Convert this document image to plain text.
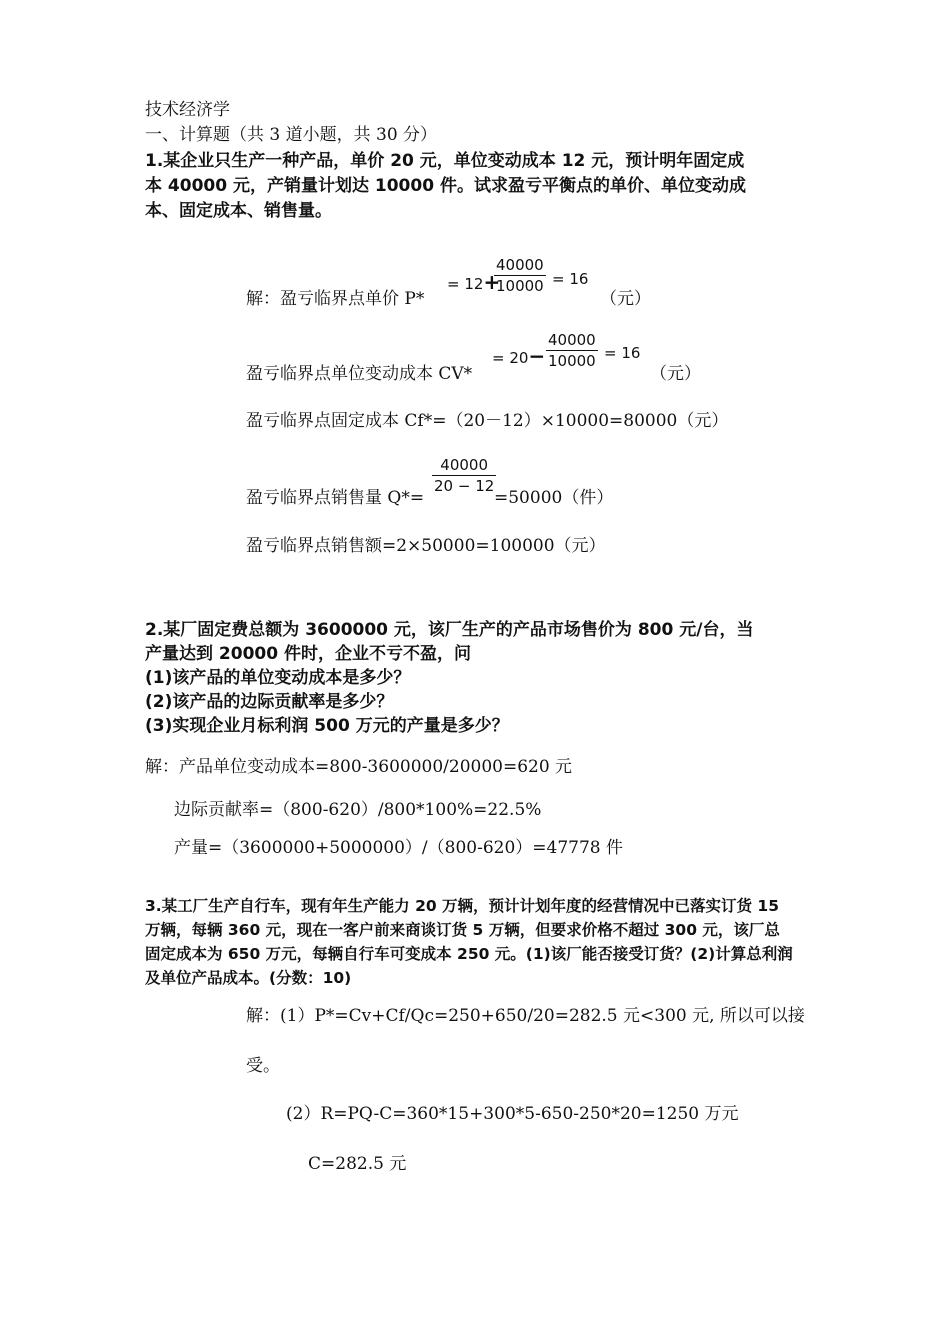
技术经济学
一、计算题（共 3 道小题，共 30 分）
1.某企业只生产一种产品，单价 20 元，单位变动成本 12 元，预计明年固定成
本 40000 元，产销量计划达 10000 件。试求盈亏平衡点的单价、单位变动成
本、固定成本、销售量。
解：盈亏临界点单价 P*
= 12+
40000
10000 = 16
（元）
盈亏临界点单位变动成本 CV*
= 20−
40000
10000 = 16
（元）
盈亏临界点固定成本 Cf*=（20－12）×10000=80000（元）
盈亏临界点销售量 Q*=
40000
20 − 12
=50000（件）
盈亏临界点销售额=2×50000=100000（元）
2.某厂固定费总额为 3600000 元，该厂生产的产品市场售价为 800 元/台，当
产量达到 20000 件时，企业不亏不盈，问
(1)该产品的单位变动成本是多少？
(2)该产品的边际贡献率是多少？
(3)实现企业月标利润 500 万元的产量是多少？
解：产品单位变动成本=800-3600000/20000=620 元
边际贡献率=（800-620）/800*100%=22.5%
产量=（3600000+5000000）/（800-620）=47778 件
3.某工厂生产自行车，现有年生产能力 20 万辆，预计计划年度的经营情况中已落实订货 15
万辆，每辆 360 元，现在一客户前来商谈订货 5 万辆，但要求价格不超过 300 元，该厂总
固定成本为 650 万元，每辆自行车可变成本 250 元。(1)该厂能否接受订货？(2)计算总利润
及单位产品成本。(分数：10)
解：(1）P*=Cv+Cf/Qc=250+650/20=282.5 元<300 元, 所以可以接
受。
(2）R=PQ-C=360*15+300*5-650-250*20=1250 万元
C=282.5 元
